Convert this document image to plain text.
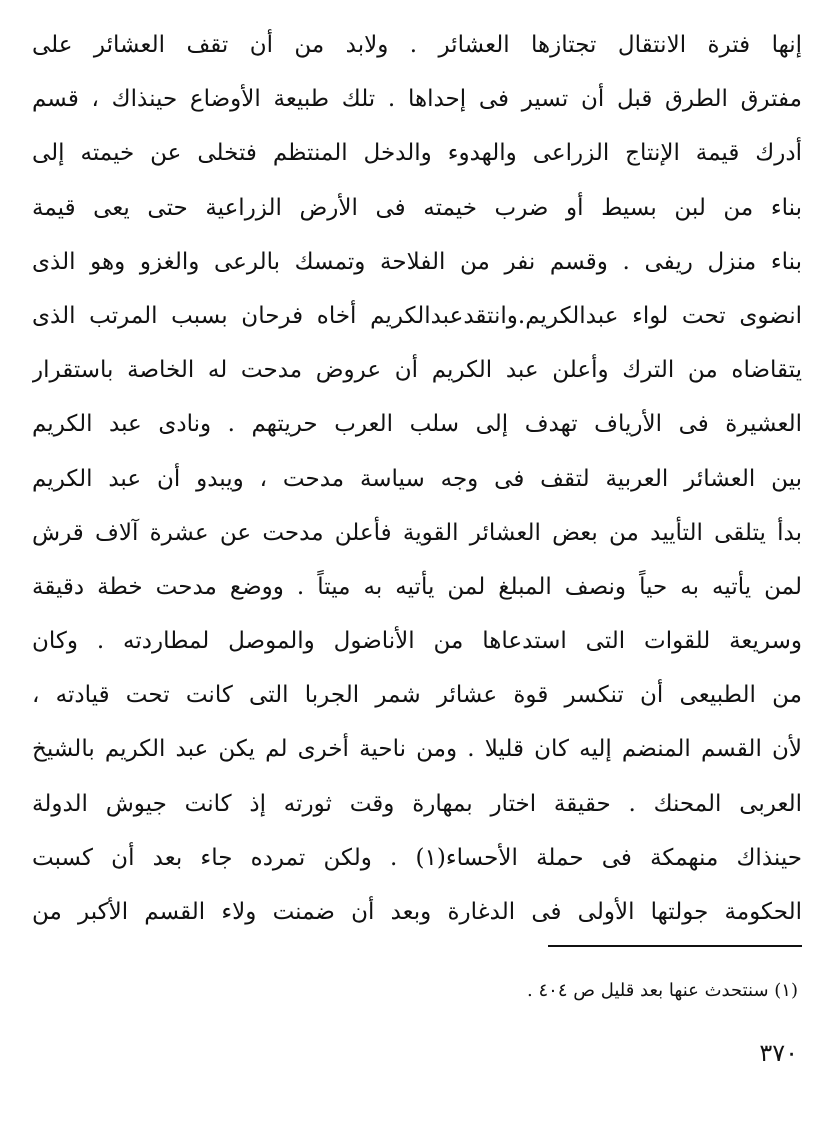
إنها فترة الانتقال تجتازها العشائر . ولابد من أن تقف العشائر على
مفترق الطرق قبل أن تسير فى إحداها . تلك طبيعة الأوضاع حينذاك ، قسم
أدرك قيمة الإنتاج الزراعى والهدوء والدخل المنتظم فتخلى عن خيمته إلى
بناء من لبن بسيط أو ضرب خيمته فى الأرض الزراعية حتى يعى قيمة
بناء منزل ريفى . وقسم نفر من الفلاحة وتمسك بالرعى والغزو وهو الذى
انضوى تحت لواء عبدالكريم.وانتقدعبدالكريم أخاه فرحان بسبب المرتب الذى
يتقاضاه من الترك وأعلن عبد الكريم أن عروض مدحت له الخاصة باستقرار
العشيرة فى الأرياف تهدف إلى سلب العرب حريتهم . ونادى عبد الكريم
بين العشائر العربية لتقف فى وجه سياسة مدحت ، ويبدو أن عبد الكريم
بدأ يتلقى التأييد من بعض العشائر القوية فأعلن مدحت عن عشرة آلاف قرش
لمن يأتيه به حياً ونصف المبلغ لمن يأتيه به ميتاً . ووضع مدحت خطة دقيقة
وسريعة للقوات التى استدعاها من الأناضول والموصل لمطاردته . وكان
من الطبيعى أن تنكسر قوة عشائر شمر الجربا التى كانت تحت قيادته ،
لأن القسم المنضم إليه كان قليلا . ومن ناحية أخرى لم يكن عبد الكريم بالشيخ
العربى المحنك . حقيقة اختار بمهارة وقت ثورته إذ كانت جيوش الدولة
حينذاك منهمكة فى حملة الأحساء(١) . ولكن تمرده جاء بعد أن كسبت
الحكومة جولتها الأولى فى الدغارة وبعد أن ضمنت ولاء القسم الأكبر من
(١) سنتحدث عنها بعد قليل ص ٤٠٤ .
٣٧٠
